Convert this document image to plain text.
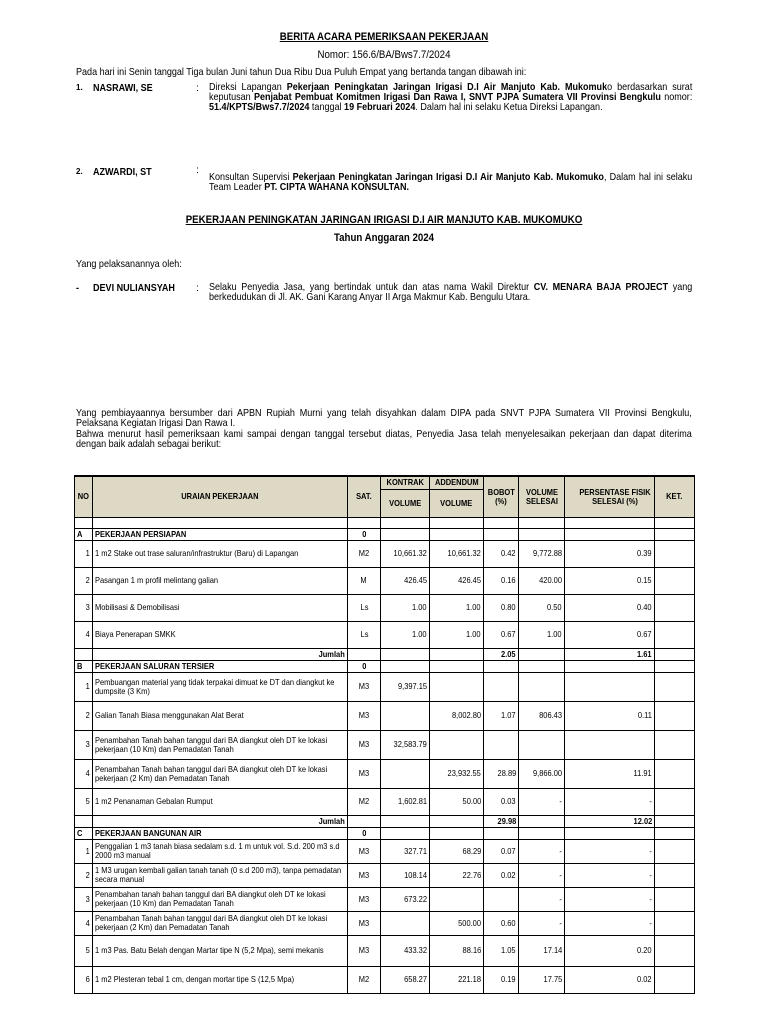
BERITA ACARA PEMERIKSAAN PEKERJAAN
Nomor: 156.6/BA/Bws7.7/2024
Pada hari ini Senin tanggal Tiga bulan Juni tahun Dua Ribu Dua Puluh Empat yang bertanda tangan dibawah ini:
1. NASRAWI, SE	: Direksi Lapangan Pekerjaan Peningkatan Jaringan Irigasi D.I Air Manjuto Kab. Mukomuko berdasarkan surat keputusan Penjabat Pembuat Komitmen Irigasi Dan Rawa I, SNVT PJPA Sumatera VII Provinsi Bengkulu nomor: 51.4/KPTS/Bws7.7/2024 tanggal 19 Februari 2024. Dalam hal ini selaku Ketua Direksi Lapangan.
2. AZWARDI, ST	:
Konsultan Supervisi Pekerjaan Peningkatan Jaringan Irigasi D.I Air Manjuto Kab. Mukomuko, Dalam hal ini selaku Team Leader PT. CIPTA WAHANA KONSULTAN.
PEKERJAAN PENINGKATAN JARINGAN IRIGASI D.I AIR MANJUTO KAB. MUKOMUKO
Tahun Anggaran 2024
Yang pelaksanannya oleh:
- DEVI NULIANSYAH : Selaku Penyedia Jasa, yang bertindak untuk dan atas nama Wakil Direktur CV. MENARA BAJA PROJECT yang berkedudukan di Jl. AK. Gani Karang Anyar II Arga Makmur Kab. Bengulu Utara.
Yang pembiayaannya bersumber dari APBN Rupiah Murni yang telah disyahkan dalam DIPA pada SNVT PJPA Sumatera VII Provinsi Bengkulu, Pelaksana Kegiatan Irigasi Dan Rawa I.
Bahwa menurut hasil pemeriksaan kami sampai dengan tanggal tersebut diatas, Penyedia Jasa telah menyelesaikan pekerjaan dan dapat diterima dengan baik adalah sebagai berikut:
NO	URAIAN PEKERJAAN	SAT.	KONTRAK	ADDENDUM	BOBOT (%)	VOLUME SELESAI	PERSENTASE FISIK SELESAI (%)	KET.
			VOLUME	VOLUME				

A	PEKERJAAN PERSIAPAN	0						
1	1 m2 Stake out trase saluran/infrastruktur (Baru) di Lapangan	M2	10,661.32	10,661.32	0.42	9,772.88	0.39	
2	Pasangan 1 m profil melintang galian	M	426.45	426.45	0.16	420.00	0.15	
3	Mobilisasi & Demobilisasi	Ls	1.00	1.00	0.80	0.50	0.40	
4	Biaya Penerapan SMKK	Ls	1.00	1.00	0.67	1.00	0.67	
	Jumlah				2.05		1.61	
B	PEKERJAAN SALURAN TERSIER	0						
1	Pembuangan material yang tidak terpakai dimuat ke DT dan diangkut ke dumpsite (3 Km)	M3	9,397.15					
2	Galian Tanah Biasa menggunakan Alat Berat	M3		8,002.80	1.07	806.43	0.11	
3	Penambahan Tanah bahan tanggul dari BA diangkut oleh DT ke lokasi pekerjaan (10 Km) dan Pemadatan Tanah	M3	32,583.79					
4	Penambahan Tanah bahan tanggul dari BA diangkut oleh DT ke lokasi pekerjaan (2 Km) dan Pemadatan Tanah	M3		23,932.55	28.89	9,866.00	11.91	
5	1 m2 Penanaman Gebalan Rumput	M2	1,602.81	50.00	0.03	-	-	
	Jumlah				29.98		12.02	
C	PEKERJAAN BANGUNAN AIR	0						
1	Penggalian 1 m3 tanah biasa sedalam s.d. 1 m untuk vol. S.d. 200 m3 s.d 2000 m3 manual	M3	327.71	68.29	0.07	-	-	
2	1 M3 urugan kembali galian tanah tanah (0 s.d 200 m3), tanpa pemadatan secara manual	M3	108.14	22.76	0.02	-	-	
3	Penambahan tanah bahan tanggul dari BA diangkut oleh DT ke lokasi pekerjaan (10 Km) dan Pemadatan Tanah	M3	673.22			-	-	
4	Penambahan Tanah bahan tanggul dari BA diangkut oleh DT ke lokasi pekerjaan (2 Km) dan Pemadatan Tanah	M3		500.00	0.60	-	-	
5	1 m3 Pas. Batu Belah dengan Martar tipe N (5,2 Mpa), semi mekanis	M3	433.32	88.16	1.05	17.14	0.20	
6	1 m2 Plesteran tebal 1 cm, dengan mortar tipe S (12,5 Mpa)	M2	658.27	221.18	0.19	17.75	0.02	
